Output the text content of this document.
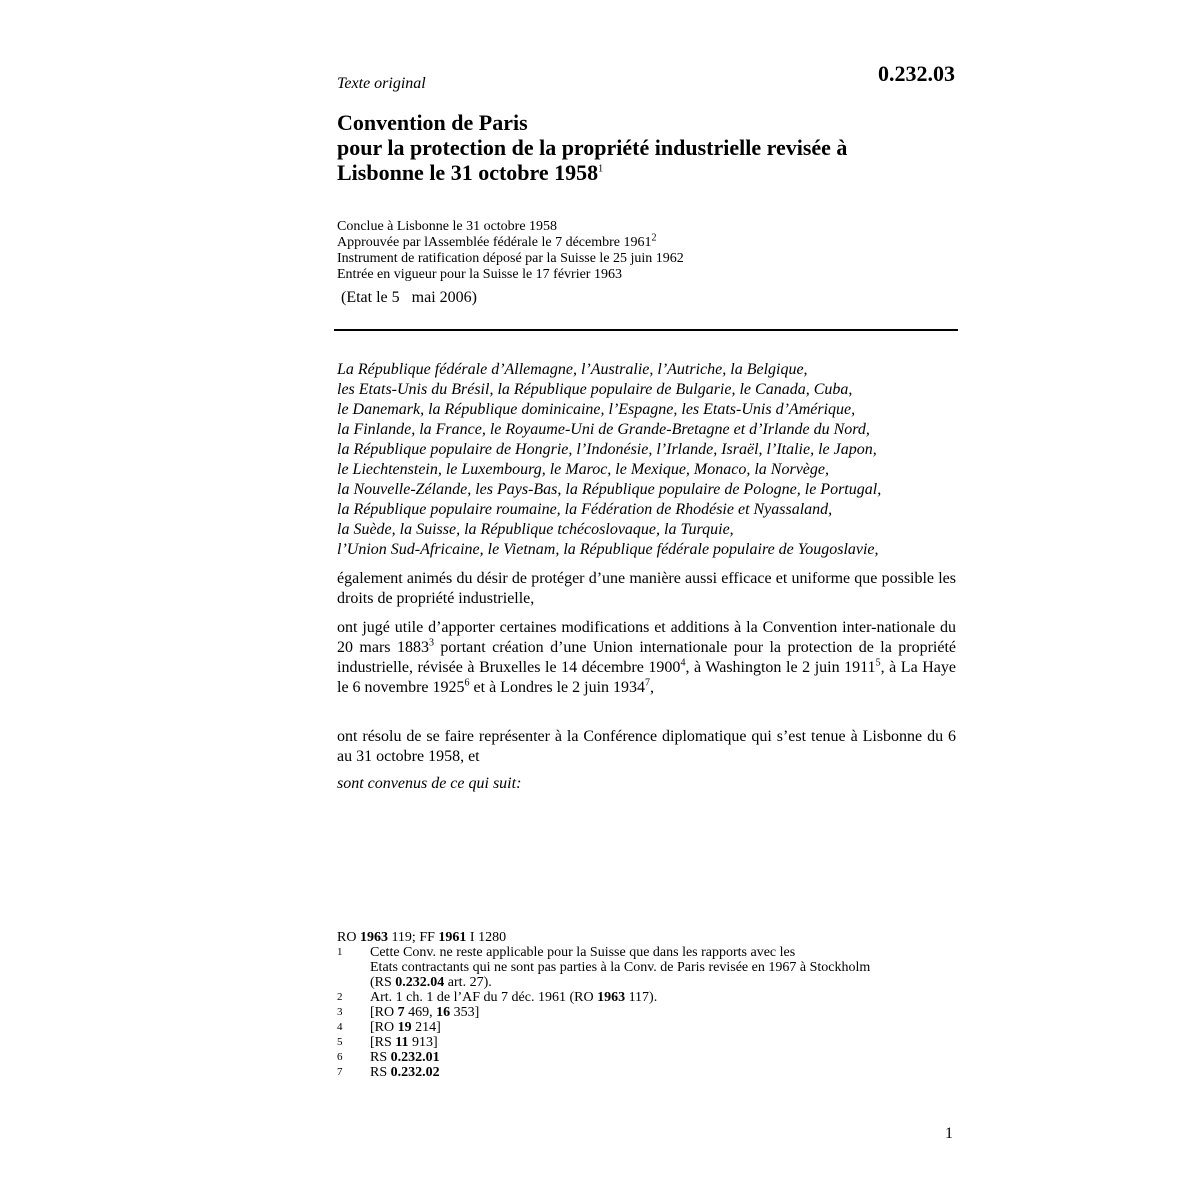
Texte original	0.232.03
Convention de Paris
pour la protection de la propriété industrielle revisée à
Lisbonne le 31 octobre 1958$^1$
Conclue à Lisbonne le 31 octobre 1958
Approuvée par lAssemblée fédérale le 7 décembre 1961$^2$
Instrument de ratification déposé par la Suisse le 25 juin 1962
Entrée en vigueur pour la Suisse le 17 février 1963
(Etat le 5   mai 2006)
La République fédérale d’Allemagne, l’Australie, l’Autriche, la Belgique,
les Etats-Unis du Brésil, la République populaire de Bulgarie, le Canada, Cuba,
le Danemark, la République dominicaine, l’Espagne, les Etats-Unis d’Amérique,
la Finlande, la France, le Royaume-Uni de Grande-Bretagne et d’Irlande du Nord,
la République populaire de Hongrie, l’Indonésie, l’Irlande, Israël, l’Italie, le Japon,
le Liechtenstein, le Luxembourg, le Maroc, le Mexique, Monaco, la Norvège,
la Nouvelle-Zélande, les Pays-Bas, la République populaire de Pologne, le Portugal,
la République populaire roumaine, la Fédération de Rhodésie et Nyassaland,
la Suède, la Suisse, la République tchécoslovaque, la Turquie,
l’Union Sud-Africaine, le Vietnam, la République fédérale populaire de Yougoslavie,
également animés du désir de protéger d’une manière aussi efficace et uniforme que possible les droits de propriété industrielle,
ont jugé utile d’apporter certaines modifications et additions à la Convention inter-nationale du 20 mars 1883$^3$ portant création d’une Union internationale pour la protection de la propriété industrielle, révisée à Bruxelles le 14 décembre 1900$^4$, à Washington le 2 juin 1911$^5$, à La Haye le 6 novembre 1925$^6$ et à Londres le 2 juin 1934$^7$,
ont résolu de se faire représenter à la Conférence diplomatique qui s’est tenue à Lisbonne du 6 au 31 octobre 1958, et
sont convenus de ce qui suit:
RO 1963 119; FF 1961 I 1280
1	Cette Conv. ne reste applicable pour la Suisse que dans les rapports avec les
Etats contractants qui ne sont pas parties à la Conv. de Paris revisée en 1967 à Stockholm
(RS 0.232.04 art. 27).
2	Art. 1 ch. 1 de l’AF du 7 déc. 1961 (RO 1963 117).
3	[RO 7 469, 16 353]
4	[RO 19 214]
5	[RS 11 913]
6	RS 0.232.01
7	RS 0.232.02
1
